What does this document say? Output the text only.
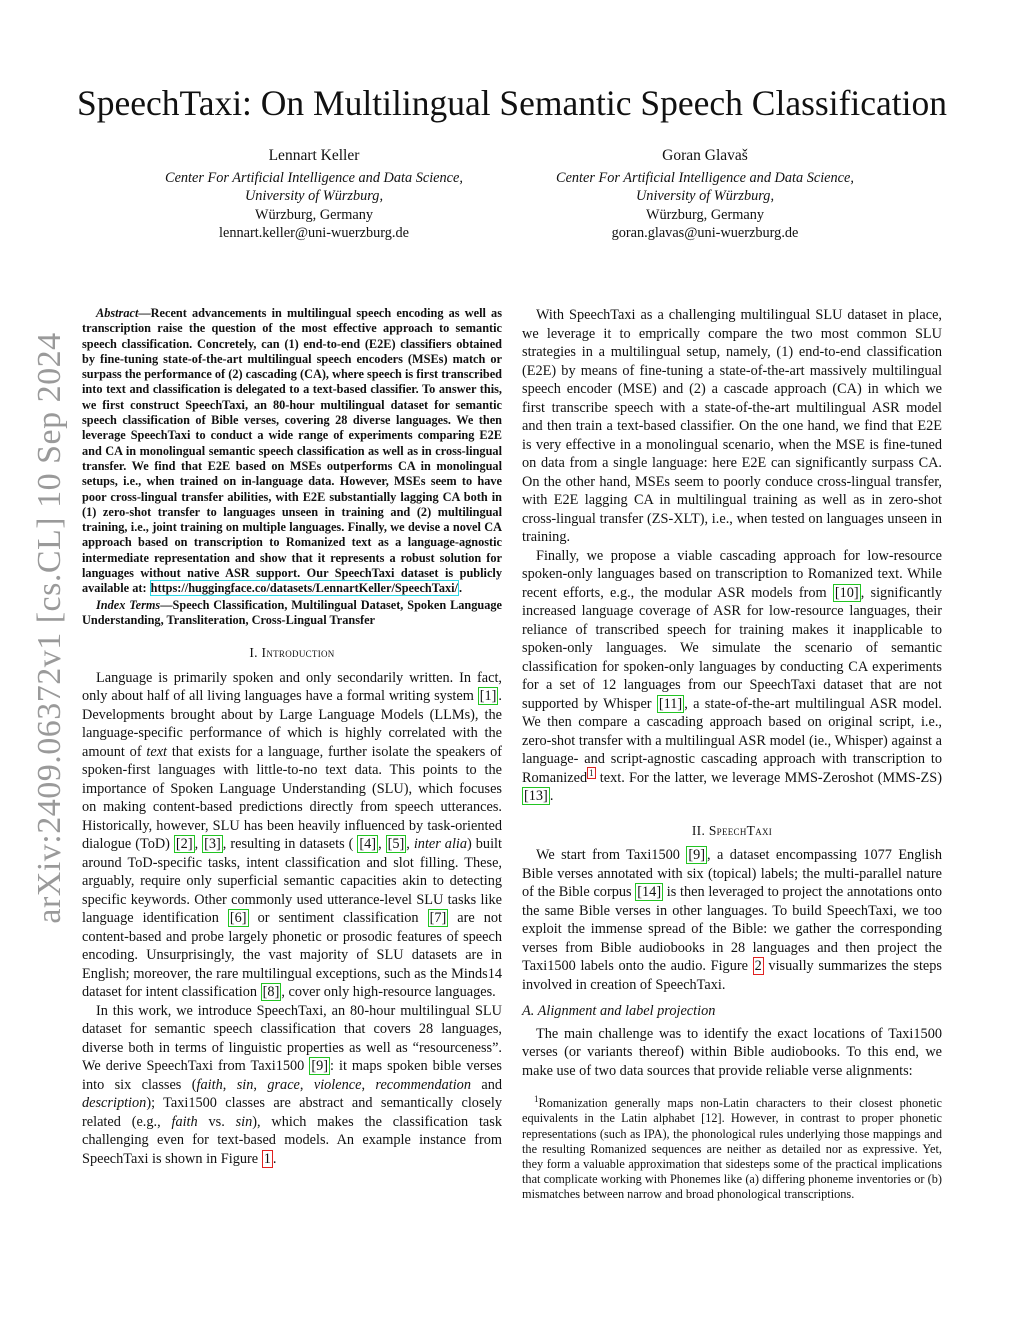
arXiv:2409.06372v1 [cs.CL] 10 Sep 2024
SpeechTaxi: On Multilingual Semantic Speech Classification
Lennart Keller
Center For Artificial Intelligence and Data Science,
University of Würzburg,
Würzburg, Germany
lennart.keller@uni-wuerzburg.de
Goran Glavaš
Center For Artificial Intelligence and Data Science,
University of Würzburg,
Würzburg, Germany
goran.glavas@uni-wuerzburg.de
Abstract—Recent advancements in multilingual speech encoding as well as transcription raise the question of the most effective approach to semantic speech classification. Concretely, can (1) end-to-end (E2E) classifiers obtained by fine-tuning state-of-the-art multilingual speech encoders (MSEs) match or surpass the performance of (2) cascading (CA), where speech is first transcribed into text and classification is delegated to a text-based classifier. To answer this, we first construct SpeechTaxi, an 80-hour multilingual dataset for semantic speech classification of Bible verses, covering 28 diverse languages. We then leverage SpeechTaxi to conduct a wide range of experiments comparing E2E and CA in monolingual semantic speech classification as well as in cross-lingual transfer. We find that E2E based on MSEs outperforms CA in monolingual setups, i.e., when trained on in-language data. However, MSEs seem to have poor cross-lingual transfer abilities, with E2E substantially lagging CA both in (1) zero-shot transfer to languages unseen in training and (2) multilingual training, i.e., joint training on multiple languages. Finally, we devise a novel CA approach based on transcription to Romanized text as a language-agnostic intermediate representation and show that it represents a robust solution for languages without native ASR support. Our SpeechTaxi dataset is publicly available at: https://huggingface.co/datasets/LennartKeller/SpeechTaxi/.
Index Terms—Speech Classification, Multilingual Dataset, Spoken Language Understanding, Transliteration, Cross-Lingual Transfer
I. Introduction

Language is primarily spoken and only secondarily written. In fact, only about half of all living languages have a formal writing system [1] . Developments brought about by Large Language Models (LLMs), the language-specific performance of which is highly correlated with the amount of text that exists for a language, further isolate the speakers of spoken-first languages with little-to-no text data. This points to the importance of Spoken Language Understanding (SLU), which focuses on making content-based predictions directly from speech utterances. Historically, however, SLU has been heavily influenced by task-oriented dialogue (ToD) [2] , [3] , resulting in datasets ( [4] , [5] , inter alia) built around ToD-specific tasks, intent classification and slot filling. These, arguably, require only superficial semantic capacities akin to detecting specific keywords. Other commonly used utterance-level SLU tasks like language identification [6] or sentiment classification [7] are not content-based and probe largely phonetic or prosodic features of speech encoding. Unsurprisingly, the vast majority of SLU datasets are in English; moreover, the rare multilingual exceptions, such as the Minds14 dataset for intent classification [8] , cover only high-resource languages.

In this work, we introduce SpeechTaxi, an 80-hour multilingual SLU dataset for semantic speech classification that covers 28 languages, diverse both in terms of linguistic properties as well as “resourceness”. We derive SpeechTaxi from Taxi1500 [9] : it maps spoken bible verses into six classes (faith, sin, grace, violence, recommendation and description); Taxi1500 classes are abstract and semantically closely related (e.g., faith vs. sin), which makes the classification task challenging even for text-based models. An example instance from SpeechTaxi is shown in Figure 1 .

With SpeechTaxi as a challenging multilingual SLU dataset in place, we leverage it to emprically compare the two most common SLU strategies in a multilingual setup, namely, (1) end-to-end classification (E2E) by means of fine-tuning a state-of-the-art massively multilingual speech encoder (MSE) and (2) a cascade approach (CA) in which we first transcribe speech with a state-of-the-art multilingual ASR model and then train a text-based classifier. On the one hand, we find that E2E is very effective in a monolingual scenario, when the MSE is fine-tuned on data from a single language: here E2E can significantly surpass CA. On the other hand, MSEs seem to poorly conduce cross-lingual transfer, with E2E lagging CA in multilingual training as well as in zero-shot cross-lingual transfer (ZS-XLT), i.e., when tested on languages unseen in training.

Finally, we propose a viable cascading approach for low-resource spoken-only languages based on transcription to Romanized text. While recent efforts, e.g., the modular ASR models from [10] , significantly increased language coverage of ASR for low-resource languages, their reliance of transcribed speech for training makes it inapplicable to spoken-only languages. We simulate the scenario of semantic classification for spoken-only languages by conducting CA experiments for a set of 12 languages from our SpeechTaxi dataset that are not supported by Whisper [11] , a state-of-the-art multilingual ASR model. We then compare a cascading approach based on original script, i.e., zero-shot transfer with a multilingual ASR model (ie., Whisper) against a language- and script-agnostic cascading approach with transcription to Romanized $^1$ text. For the latter, we leverage MMS-Zeroshot (MMS-ZS) [13] .

II. SpeechTaxi

We start from Taxi1500 [9] , a dataset encompassing 1077 English Bible verses annotated with six (topical) labels; the multi-parallel nature of the Bible corpus [14] is then leveraged to project the annotations onto the same Bible verses in other languages. To build SpeechTaxi, we too exploit the immense spread of the Bible: we gather the corresponding verses from Bible audiobooks in 28 languages and then project the Taxi1500 labels onto the audio. Figure 2 visually summarizes the steps involved in creation of SpeechTaxi.

A. Alignment and label projection

The main challenge was to identify the exact locations of Taxi1500 verses (or variants thereof) within Bible audiobooks. To this end, we make use of two data sources that provide reliable verse alignments:

$^1$Romanization generally maps non-Latin characters to their closest phonetic equivalents in the Latin alphabet [12]. However, in contrast to proper phonetic representations (such as IPA), the phonological rules underlying those mappings and the resulting Romanized sequences are neither as detailed nor as expressive. Yet, they form a valuable approximation that sidesteps some of the practical implications that complicate working with Phonemes like (a) differing phoneme inventories or (b) mismatches between narrow and broad phonological transcriptions.
